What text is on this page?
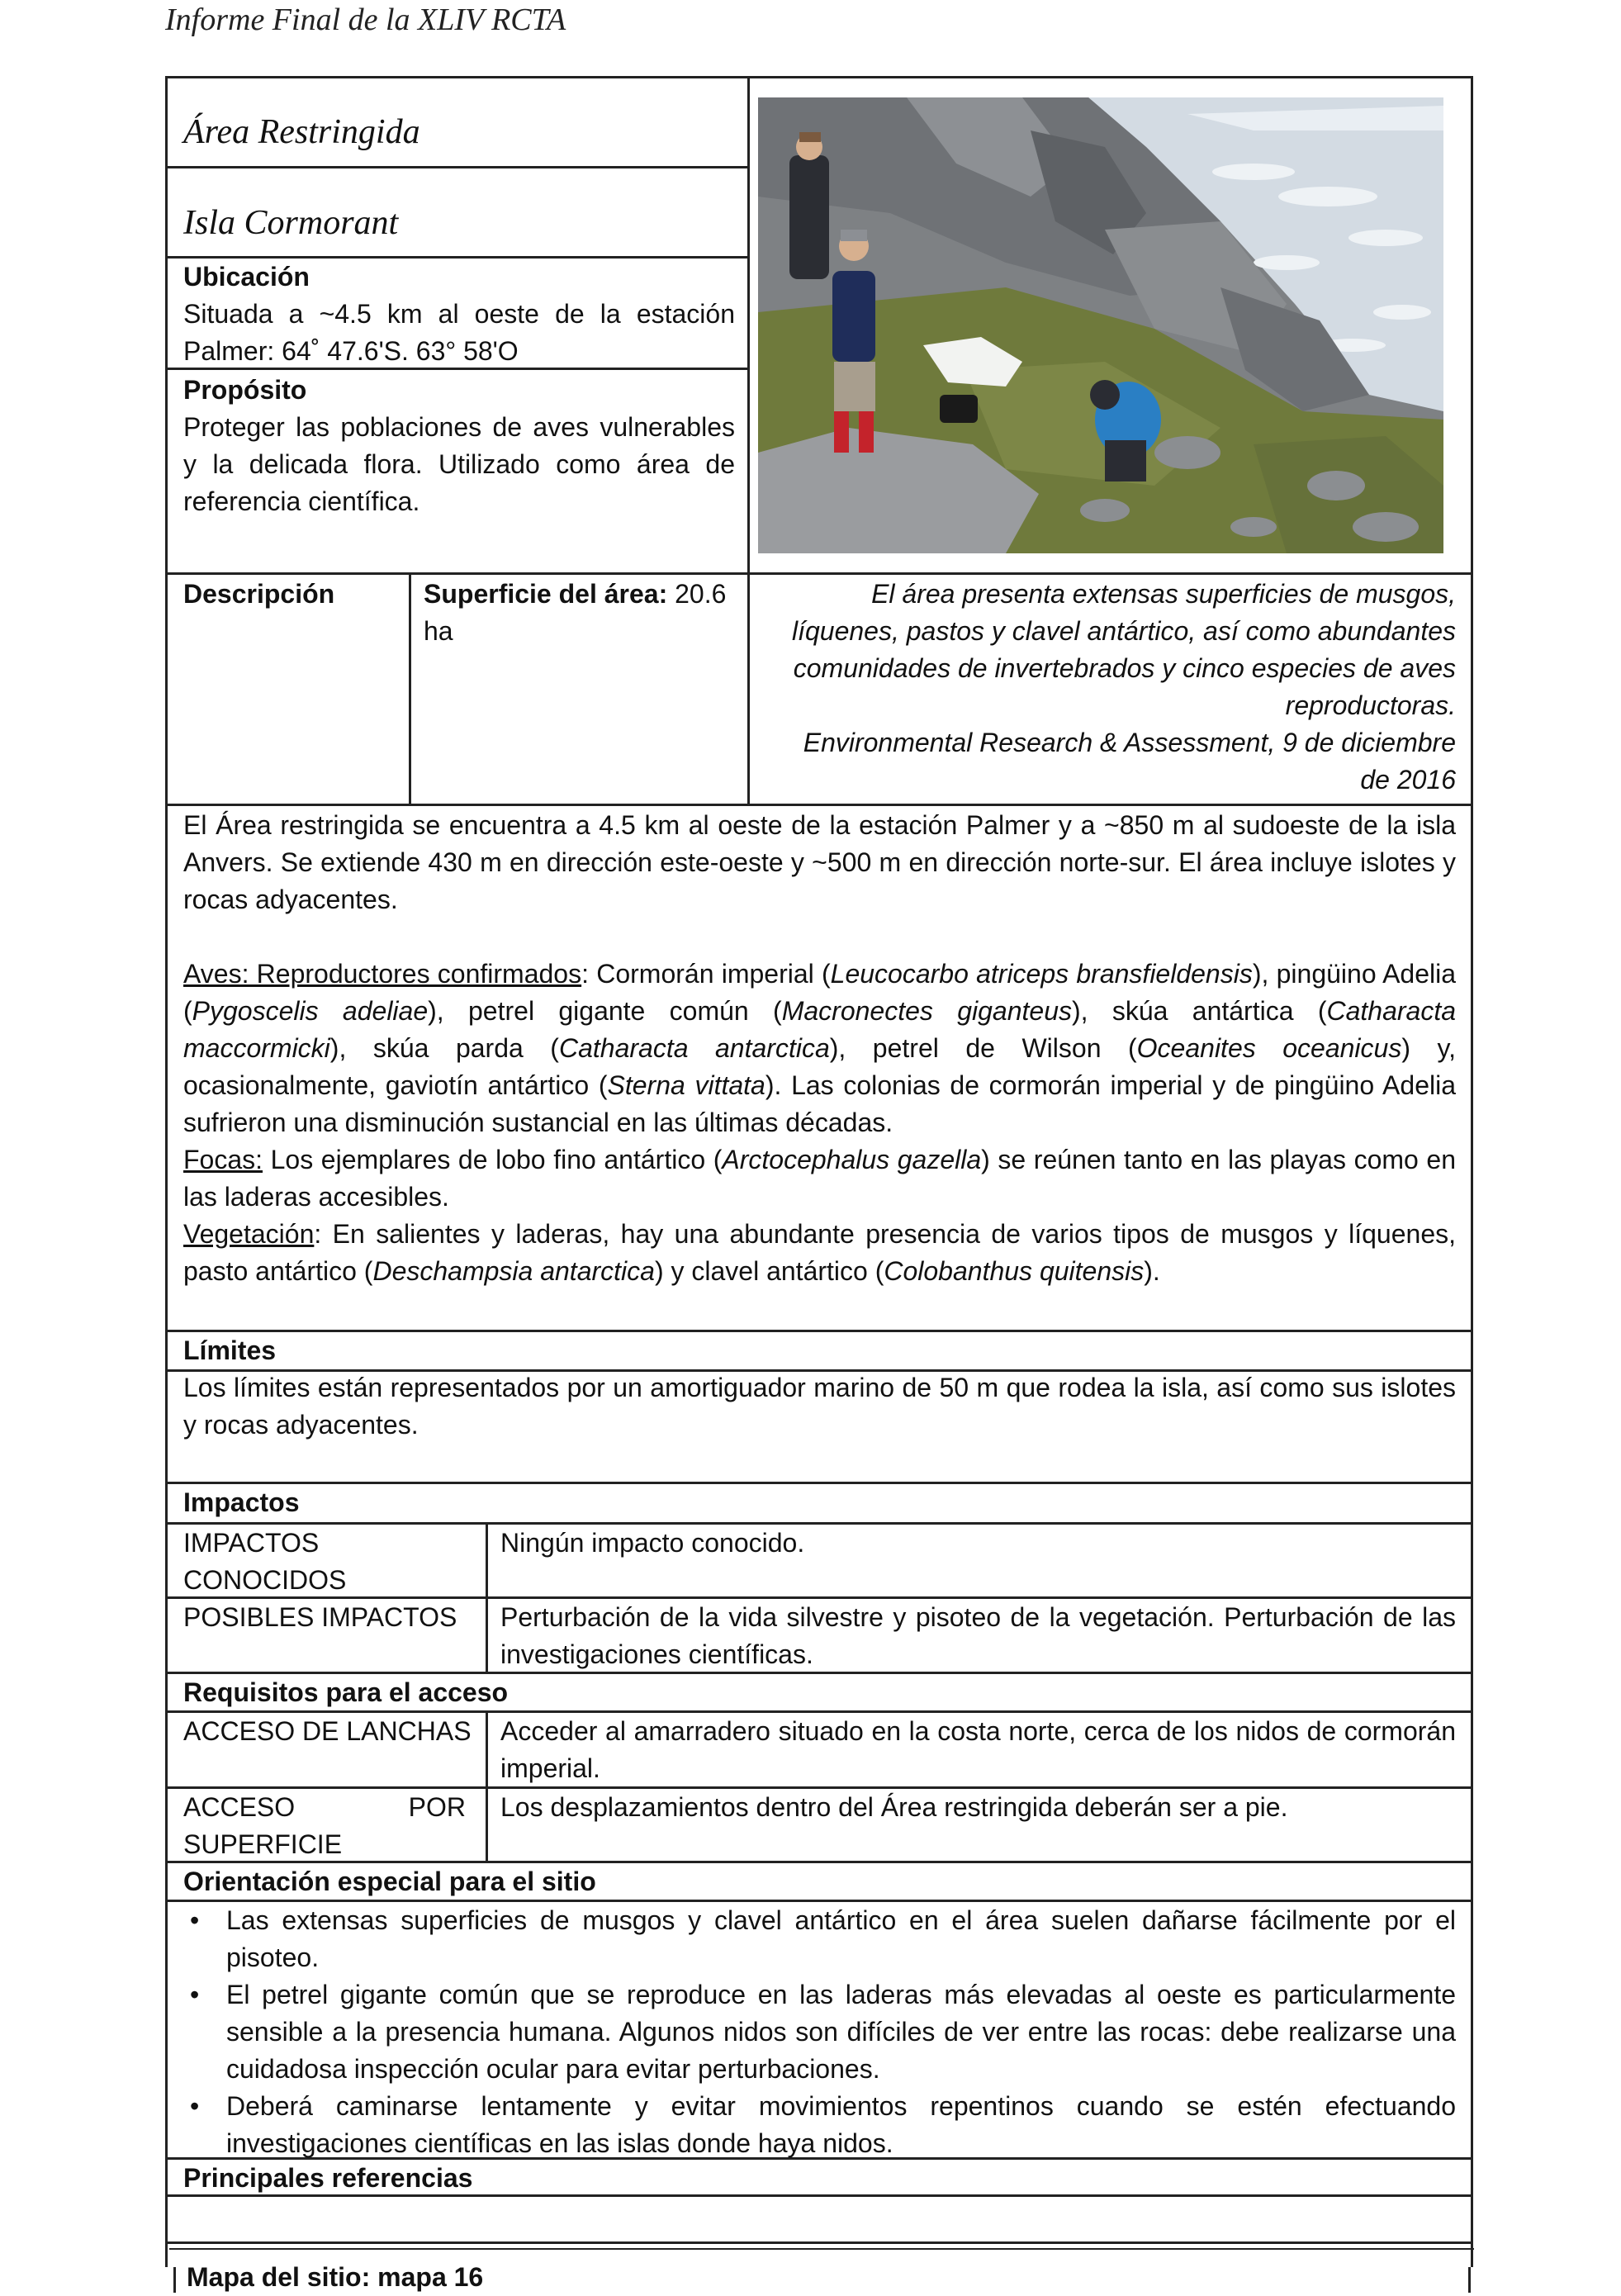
Informe Final de la XLIV RCTA
Área Restringida
Isla Cormorant
Ubicación
Situada a ~4.5 km al oeste de la estación Palmer: 64˚ 47.6'S. 63° 58'O
Propósito
Proteger las poblaciones de aves vulnerables y la delicada flora. Utilizado como área de referencia científica.
Descripción	Superficie del área: 20.6 ha
El área presenta extensas superficies de musgos, líquenes, pastos y clavel antártico, así como abundantes comunidades de invertebrados y cinco especies de aves reproductoras.
Environmental Research & Assessment, 9 de diciembre
de 2016
El Área restringida se encuentra a 4.5 km al oeste de la estación Palmer y a ~850 m al sudoeste de la isla Anvers. Se extiende 430 m en dirección este-oeste y ~500 m en dirección norte-sur. El área incluye islotes y rocas adyacentes.
Aves: Reproductores confirmados: Cormorán imperial (Leucocarbo atriceps bransfieldensis), pingüino Adelia (Pygoscelis adeliae), petrel gigante común (Macronectes giganteus), skúa antártica (Catharacta maccormicki), skúa parda (Catharacta antarctica), petrel de Wilson (Oceanites oceanicus) y, ocasionalmente, gaviotín antártico (Sterna vittata). Las colonias de cormorán imperial y de pingüino Adelia sufrieron una disminución sustancial en las últimas décadas.
Focas: Los ejemplares de lobo fino antártico (Arctocephalus gazella) se reúnen tanto en las playas como en las laderas accesibles.
Vegetación: En salientes y laderas, hay una abundante presencia de varios tipos de musgos y líquenes, pasto antártico (Deschampsia antarctica) y clavel antártico (Colobanthus quitensis).
Límites
Los límites están representados por un amortiguador marino de 50 m que rodea la isla, así como sus islotes y rocas adyacentes.
Impactos
IMPACTOS CONOCIDOS
Ningún impacto conocido.
POSIBLES IMPACTOS	Perturbación de la vida silvestre y pisoteo de la vegetación. Perturbación de las investigaciones científicas.
Requisitos para el acceso
ACCESO DE LANCHAS Acceder al amarradero situado en la costa norte, cerca de los nidos de cormorán imperial.
ACCESO POR SUPERFICIE
Los desplazamientos dentro del Área restringida deberán ser a pie.
Orientación especial para el sitio
• Las extensas superficies de musgos y clavel antártico en el área suelen dañarse fácilmente por el pisoteo.
• El petrel gigante común que se reproduce en las laderas más elevadas al oeste es particularmente sensible a la presencia humana. Algunos nidos son difíciles de ver entre las rocas: debe realizarse una cuidadosa inspección ocular para evitar perturbaciones.
• Deberá caminarse lentamente y evitar movimientos repentinos cuando se estén efectuando investigaciones científicas en las islas donde haya nidos.
Principales referencias
Mapa del sitio: mapa 16
